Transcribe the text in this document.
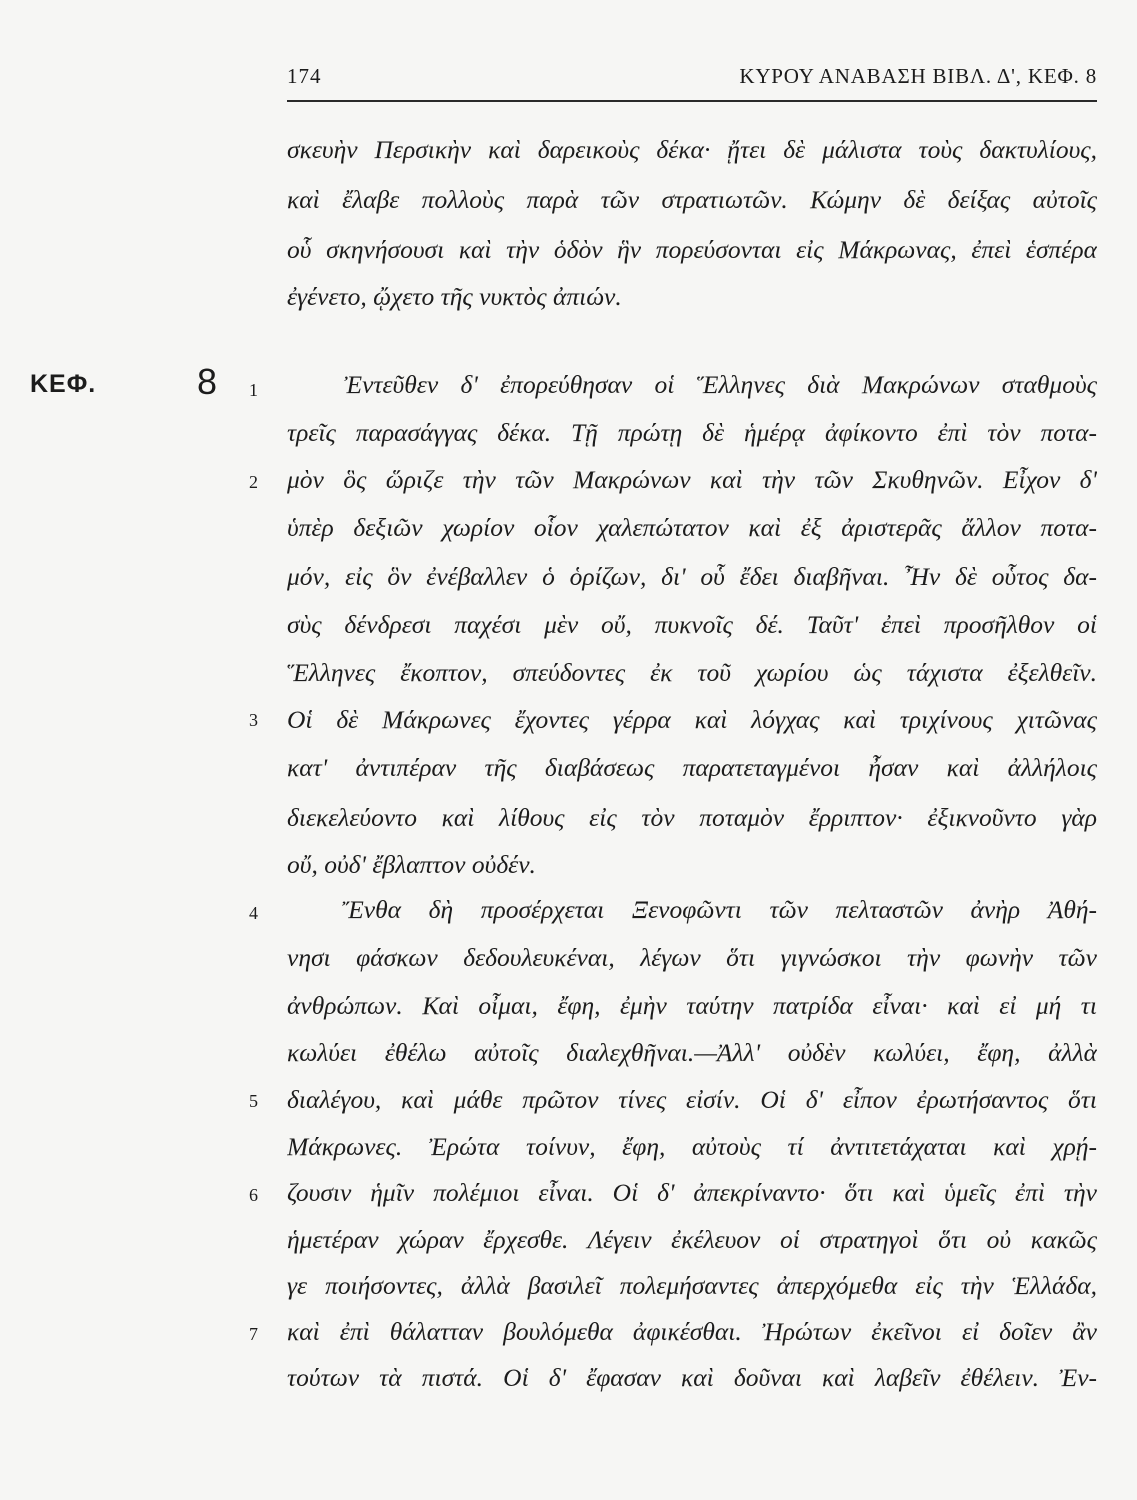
174	ΚΥΡΟΥ ΑΝΑΒΑΣΗ ΒΙΒΛ. Δ', ΚΕΦ. 8
ΚΕΦ.	8 1
2
3
4
5
6
7
σκευὴν Περσικὴν καὶ δαρεικοὺς δέκα· ᾔτει δὲ μάλιστα τοὺς δακτυλίους,
καὶ ἔλαβε πολλοὺς παρὰ τῶν στρατιωτῶν. Κώμην δὲ δείξας αὐτοῖς
οὗ σκηνήσουσι καὶ τὴν ὁδὸν ἣν πορεύσονται εἰς Μάκρωνας, ἐπεὶ ἑσπέρα
ἐγένετο, ᾤχετο τῆς νυκτὸς ἀπιών.
Ἐντεῦθεν δ' ἐπορεύθησαν οἱ Ἕλληνες διὰ Μακρώνων σταθμοὺς
τρεῖς παρασάγγας δέκα. Τῇ πρώτῃ δὲ ἡμέρᾳ ἀφίκοντο ἐπὶ τὸν ποτα-
μὸν ὃς ὥριζε τὴν τῶν Μακρώνων καὶ τὴν τῶν Σκυθηνῶν. Εἶχον δ'
ὑπὲρ δεξιῶν χωρίον οἷον χαλεπώτατον καὶ ἐξ ἀριστερᾶς ἄλλον ποτα-
μόν, εἰς ὃν ἐνέβαλλεν ὁ ὁρίζων, δι' οὗ ἔδει διαβῆναι. Ἦν δὲ οὗτος δα-
σὺς δένδρεσι παχέσι μὲν οὔ, πυκνοῖς δέ. Ταῦτ' ἐπεὶ προσῆλθον οἱ
Ἕλληνες ἔκοπτον, σπεύδοντες ἐκ τοῦ χωρίου ὡς τάχιστα ἐξελθεῖν.
Οἱ δὲ Μάκρωνες ἔχοντες γέρρα καὶ λόγχας καὶ τριχίνους χιτῶνας
κατ' ἀντιπέραν τῆς διαβάσεως παρατεταγμένοι ἦσαν καὶ ἀλλήλοις
διεκελεύοντο καὶ λίθους εἰς τὸν ποταμὸν ἔρριπτον· ἐξικνοῦντο γὰρ
οὔ, οὐδ' ἔβλαπτον οὐδέν.
Ἔνθα δὴ προσέρχεται Ξενοφῶντι τῶν πελταστῶν ἀνὴρ Ἀθή-
νησι φάσκων δεδουλευκέναι, λέγων ὅτι γιγνώσκοι τὴν φωνὴν τῶν
ἀνθρώπων. Καὶ οἶμαι, ἔφη, ἐμὴν ταύτην πατρίδα εἶναι· καὶ εἰ μή τι
κωλύει ἐθέλω αὐτοῖς διαλεχθῆναι.—Ἀλλ' οὐδὲν κωλύει, ἔφη, ἀλλὰ
διαλέγου, καὶ μάθε πρῶτον τίνες εἰσίν. Οἱ δ' εἶπον ἐρωτήσαντος ὅτι
Μάκρωνες. Ἐρώτα τοίνυν, ἔφη, αὐτοὺς τί ἀντιτετάχαται καὶ χρῄ-
ζουσιν ἡμῖν πολέμιοι εἶναι. Οἱ δ' ἀπεκρίναντο· ὅτι καὶ ὑμεῖς ἐπὶ τὴν
ἡμετέραν χώραν ἔρχεσθε. Λέγειν ἐκέλευον οἱ στρατηγοὶ ὅτι οὐ κακῶς
γε ποιήσοντες, ἀλλὰ βασιλεῖ πολεμήσαντες ἀπερχόμεθα εἰς τὴν Ἑλλάδα,
καὶ ἐπὶ θάλατταν βουλόμεθα ἀφικέσθαι. Ἠρώτων ἐκεῖνοι εἰ δοῖεν ἂν
τούτων τὰ πιστά. Οἱ δ' ἔφασαν καὶ δοῦναι καὶ λαβεῖν ἐθέλειν. Ἐν-
